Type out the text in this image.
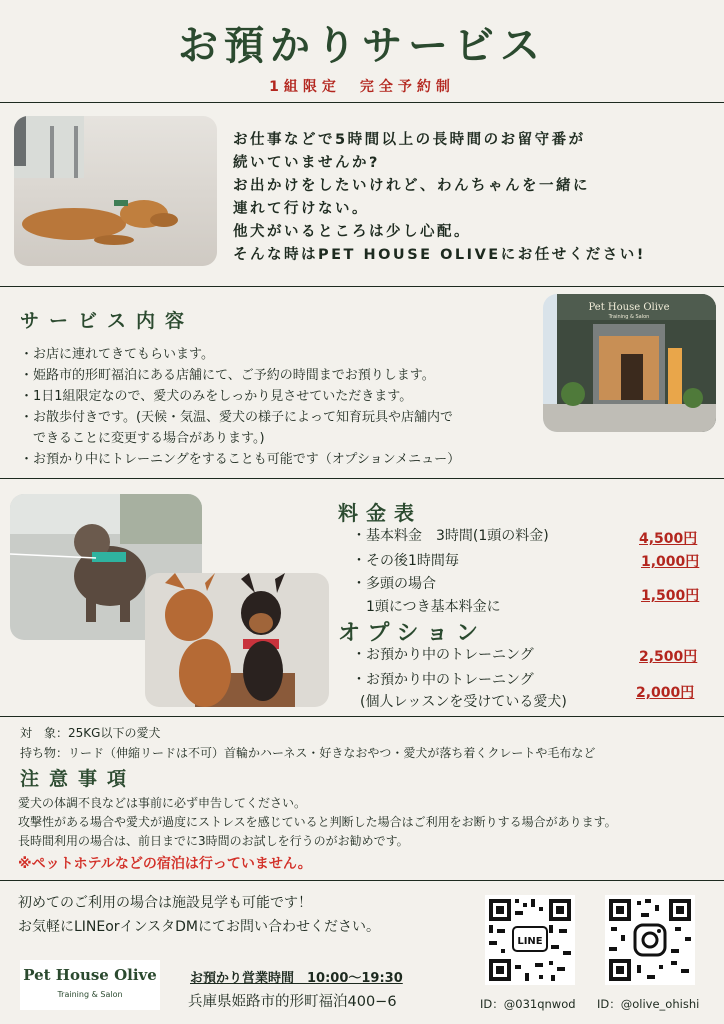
お預かりサービス
1組限定　完全予約制
お仕事などで5時間以上の長時間のお留守番が
続いていませんか?
お出かけをしたいけれど、わんちゃんを一緒に
連れて行けない。
他犬がいるところは少し心配。
そんな時はPET HOUSE OLIVEにお任せください!
サービス内容
Pet House Olive
Training & Salon
・お店に連れてきてもらいます。
・姫路市的形町福泊にある店舗にて、ご予約の時間までお預りします。
・1日1組限定なので、愛犬のみをしっかり見させていただきます。
・お散歩付きです。(天候・気温、愛犬の様子によって知育玩具や店舗内で
　できることに変更する場合があります。)
・お預かり中にトレーニングをすることも可能です（オプションメニュー）
料金表
・基本料金　3時間(1頭の料金)	4,500円
・その後1時間毎	1,000円
・多頭の場合
　1頭につき基本料金に
1,500円
オプション
・お預かり中のトレーニング	2,500円
・お預かり中のトレーニング
(個人レッスンを受けている愛犬)
2,000円
対　象：25KG以下の愛犬
持ち物：リード（伸縮リードは不可）首輪かハーネス・好きなおやつ・愛犬が落ち着くクレートや毛布など
注意事項
愛犬の体調不良などは事前に必ず申告してください。
攻撃性がある場合や愛犬が過度にストレスを感じていると判断した場合はご利用をお断りする場合があります。
長時間利用の場合は、前日までに3時間のお試しを行うのがお勧めです。
※ペットホテルなどの宿泊は行っていません。
初めてのご利用の場合は施設見学も可能です！
お気軽にLINEorインスタDMにてお問い合わせください。
Pet House Olive
Training & Salon
お預かり営業時間　10:00〜19:30
兵庫県姫路市的形町福泊400−6
LINE
ID：@031qnwod ID：@olive_ohishi
